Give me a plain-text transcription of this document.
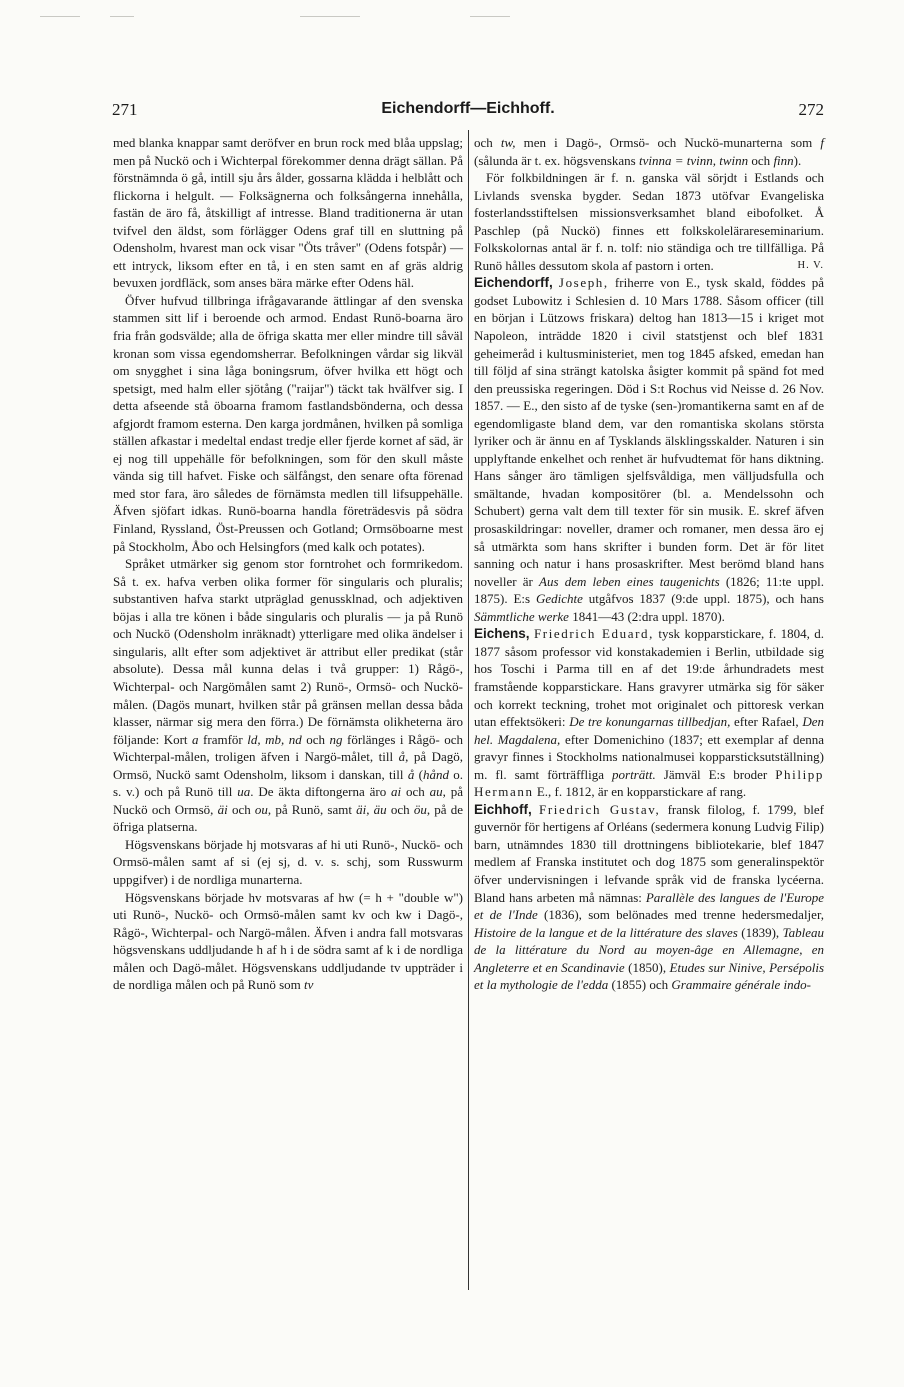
271	Eichendorff—Eichhoff.	272

med blanka knappar samt deröfver en brun rock med blåa uppslag; men på Nuckö och i Wichterpal förekommer denna drägt sällan. På förstnämnda ö gå, intill sju års ålder, gossarna klädda i helblått och flickorna i helgult. — Folksägnerna och folksångerna innehålla, fastän de äro få, åtskilligt af intresse. Bland traditionerna är utan tvifvel den äldst, som förlägger Odens graf till en sluttning på Odensholm, hvarest man ock visar "Öts tråver" (Odens fotspår) — ett intryck, liksom efter en tå, i en sten samt en af gräs aldrig bevuxen jordfläck, som anses bära märke efter Odens häl.

Öfver hufvud tillbringa ifrågavarande ättlingar af den svenska stammen sitt lif i beroende och armod. Endast Runö-boarna äro fria från godsvälde; alla de öfriga skatta mer eller mindre till såväl kronan som vissa egendomsherrar. Befolkningen vårdar sig likväl om snygghet i sina låga boningsrum, öfver hvilka ett högt och spetsigt, med halm eller sjötång ("raijar") täckt tak hvälfver sig. I detta afseende stå öboarna framom fastlandsbönderna, och dessa afgjordt framom esterna. Den karga jordmånen, hvilken på somliga ställen afkastar i medeltal endast tredje eller fjerde kornet af säd, är ej nog till uppehälle för befolkningen, som för den skull måste vända sig till hafvet. Fiske och sälfångst, den senare ofta förenad med stor fara, äro således de förnämsta medlen till lifsuppehälle. Äfven sjöfart idkas. Runö-boarna handla företrädesvis på södra Finland, Ryssland, Öst-Preussen och Gotland; Ormsöboarne mest på Stockholm, Åbo och Helsingfors (med kalk och potates).

Språket utmärker sig genom stor forntrohet och formrikedom. Så t. ex. hafva verben olika former för singularis och pluralis; substantiven hafva starkt utpräglad genussklnad, och adjektiven böjas i alla tre könen i både singularis och pluralis — ja på Runö och Nuckö (Odensholm inräknadt) ytterligare med olika ändelser i singularis, allt efter som adjektivet är attribut eller predikat (står absolute). Dessa mål kunna delas i två grupper: 1) Rågö-, Wichterpal- och Nargömålen samt 2) Runö-, Ormsö- och Nuckö-målen. (Dagös munart, hvilken står på gränsen mellan dessa båda klasser, närmar sig mera den förra.) De förnämsta olikheterna äro följande: Kort a framför ld, mb, nd och ng förlänges i Rågö- och Wichterpal-målen, troligen äfven i Nargö-målet, till å, på Dagö, Ormsö, Nuckö samt Odensholm, liksom i danskan, till å (hånd o. s. v.) och på Runö till ua. De äkta diftongerna äro ai och au, på Nuckö och Ormsö, äi och ou, på Runö, samt äi, äu och öu, på de öfriga platserna.

Högsvenskans började hj motsvaras af hi uti Runö-, Nuckö- och Ormsö-målen samt af si (ej sj, d. v. s. schj, som Russwurm uppgifver) i de nordliga munarterna.

Högsvenskans började hv motsvaras af hw (= h + "double w") uti Runö-, Nuckö- och Ormsö-målen samt kv och kw i Dagö-, Rågö-, Wichterpal- och Nargö-målen. Äfven i andra fall motsvaras högsvenskans uddljudande h af h i de södra samt af k i de nordliga målen och Dagö-målet. Högsvenskans uddljudande tv uppträder i de nordliga målen och på Runö som tv

och tw, men i Dagö-, Ormsö- och Nuckö-munarterna som f (sålunda är t. ex. högsvenskans tvinna = tvinn, twinn och finn).

För folkbildningen är f. n. ganska väl sörjdt i Estlands och Livlands svenska bygder. Sedan 1873 utöfvar Evangeliska fosterlandsstiftelsen missionsverksamhet bland eibofolket. Å Paschlep (på Nuckö) finnes ett folkskolelärareseminarium. Folkskolornas antal är f. n. tolf: nio ständiga och tre tillfälliga. På Runö hålles dessutom skola af pastorn i orten.	H. V.

Eichendorff, Joseph, friherre von E., tysk skald, föddes på godset Lubowitz i Schlesien d. 10 Mars 1788. Såsom officer (till en början i Lützows friskara) deltog han 1813—15 i kriget mot Napoleon, inträdde 1820 i civil statstjenst och blef 1831 geheimeråd i kultusministeriet, men tog 1845 afsked, emedan han till följd af sina strängt katolska åsigter kommit på spänd fot med den preussiska regeringen. Död i S:t Rochus vid Neisse d. 26 Nov. 1857. — E., den sisto af de tyske (sen-)romantikerna samt en af de egendomligaste bland dem, var den romantiska skolans största lyriker och är ännu en af Tysklands älsklingsskalder. Naturen i sin upplyftande enkelhet och renhet är hufvudtemat för hans diktning. Hans sånger äro tämligen sjelfsvåldiga, men välljudsfulla och smältande, hvadan kompositörer (bl. a. Mendelssohn och Schubert) gerna valt dem till texter för sin musik. E. skref äfven prosaskildringar: noveller, dramer och romaner, men dessa äro ej så utmärkta som hans skrifter i bunden form. Det är för litet sanning och natur i hans prosaskrifter. Mest berömd bland hans noveller är Aus dem leben eines taugenichts (1826; 11:te uppl. 1875). E:s Gedichte utgåfvos 1837 (9:de uppl. 1875), och hans Sämmtliche werke 1841—43 (2:dra uppl. 1870).

Eichens, Friedrich Eduard, tysk kopparstickare, f. 1804, d. 1877 såsom professor vid konstakademien i Berlin, utbildade sig hos Toschi i Parma till en af det 19:de århundradets mest framstående kopparstickare. Hans gravyrer utmärka sig för säker och korrekt teckning, trohet mot originalet och pittoresk verkan utan effektsökeri: De tre konungarnas tillbedjan, efter Rafael, Den hel. Magdalena, efter Domenichino (1837; ett exemplar af denna gravyr finnes i Stockholms nationalmusei kopparsticksutställning) m. fl. samt förträffliga porträtt. Jämväl E:s broder Philipp Hermann E., f. 1812, är en kopparstickare af rang.

Eichhoff, Friedrich Gustav, fransk filolog, f. 1799, blef guvernör för hertigens af Orléans (sedermera konung Ludvig Filip) barn, utnämndes 1830 till drottningens bibliotekarie, blef 1847 medlem af Franska institutet och dog 1875 som generalinspektör öfver undervisningen i lefvande språk vid de franska lycéerna. Bland hans arbeten må nämnas: Parallèle des langues de l'Europe et de l'Inde (1836), som belönades med trenne hedersmedaljer, Histoire de la langue et de la littérature des slaves (1839), Tableau de la littérature du Nord au moyen-âge en Allemagne, en Angleterre et en Scandinavie (1850), Etudes sur Ninive, Persépolis et la mythologie de l'edda (1855) och Grammaire générale indo-
